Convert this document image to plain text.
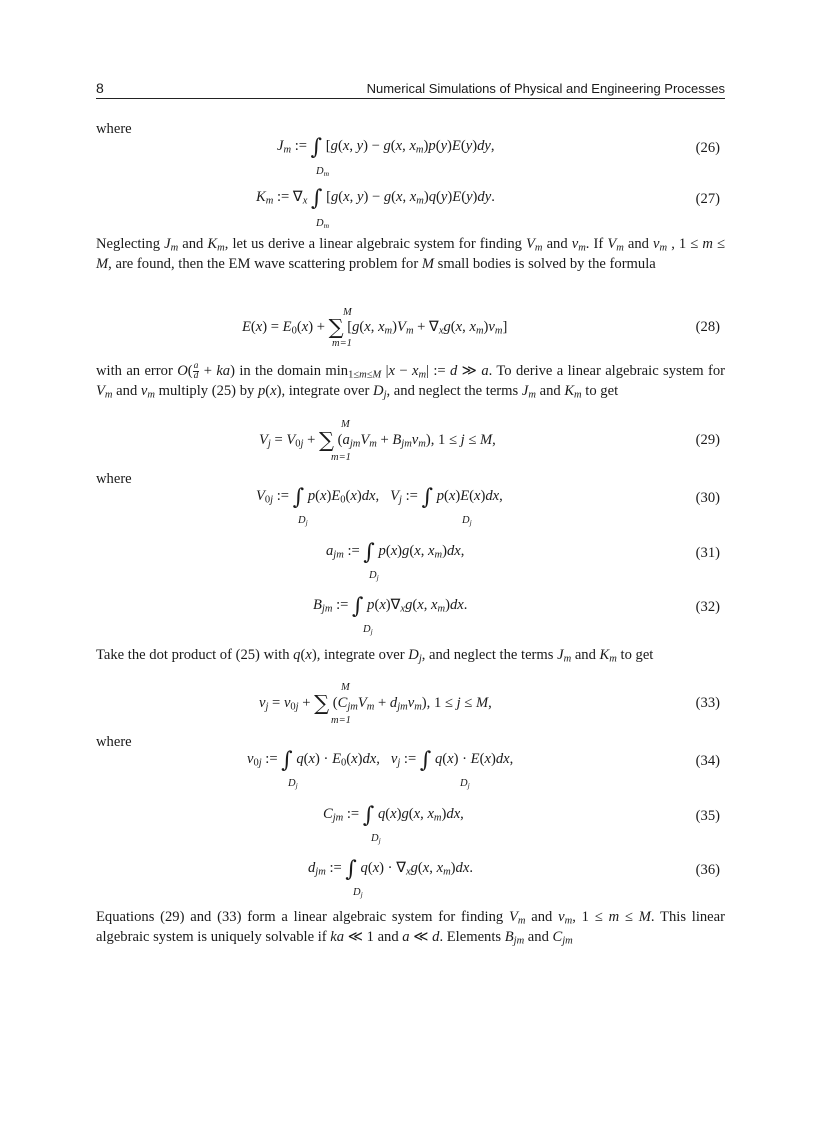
8	Numerical Simulations of Physical and Engineering Processes
where
$J_m$ := ∫ [g(x, y) − g(x, $x_m)p(y)E(y)dy$,
$D_m$
(26)
$K_m$ := $\nabla_x$ ∫ [g(x, y) − g(x, $x_m)q(y)E(y)dy$.
$D_m$
(27)
Neglecting $J_m$ and $K_m$, let us derive a linear algebraic system for finding $V_m$ and $v_m$. If $V_m$ and $v_m$ , 1 ≤ m ≤ M, are found, then the EM wave scattering problem for M small bodies is solved by the formula
M
$E(x) = E_0(x)$ + ∑ [g(x, $x_m)V_m + \nabla_xg(x$, $x_m)v_m$]
m=1
(28)
with an error $O( \frac{a}{d} + ka)$ in the domain $\min_{1\le m\le M} |x - x_m|$ := d ≫ a. To derive a linear algebraic system for $V_m$ and $v_m$ multiply (25) by p(x), integrate over $D_j$, and neglect the terms $J_m$ and $K_m$ to get
M
$V_j = V_{0j}$ + ∑ $(a_{jm}V_m + B_{jm}v_m)$, 1 ≤ j ≤ M,
m=1
(29)
where
$V_{0j}$ := ∫ $p(x)E_0(x)dx$,   $V_j$ := ∫ p(x)E(x)dx,
$D_j$	$D_j$
(30)
$a_{jm}$ := ∫ p(x)g(x, $x_m)dx$,
$D_j$
(31)
$B_{jm}$ := ∫ $p(x)\nabla_xg(x$, $x_m)dx$.
$D_j$
(32)
Take the dot product of (25) with q(x), integrate over $D_j$, and neglect the terms $J_m$ and $K_m$ to get
M
$v_j = v_{0j}$ + ∑ $(C_{jm}V_m + d_{jm}v_m)$, 1 ≤ j ≤ M,
m=1
(33)
where
$v_{0j}$ := ∫ $q(x) \cdot E_0(x)dx$,   $v_j$ := ∫ q(x) · E(x)dx,
$D_j$	$D_j$
(34)
$C_{jm}$ := ∫ q(x)g(x, $x_m)dx$,
$D_j$
(35)
$d_{jm}$ := ∫ $q(x) \cdot \nabla_xg(x$, $x_m)dx$.
$D_j$
(36)
Equations (29) and (33) form a linear algebraic system for finding $V_m$ and $v_m$, 1 ≤ m ≤ M. This linear algebraic system is uniquely solvable if ka ≪ 1 and a ≪ d. Elements $B_{jm}$ and $C_{jm}$
